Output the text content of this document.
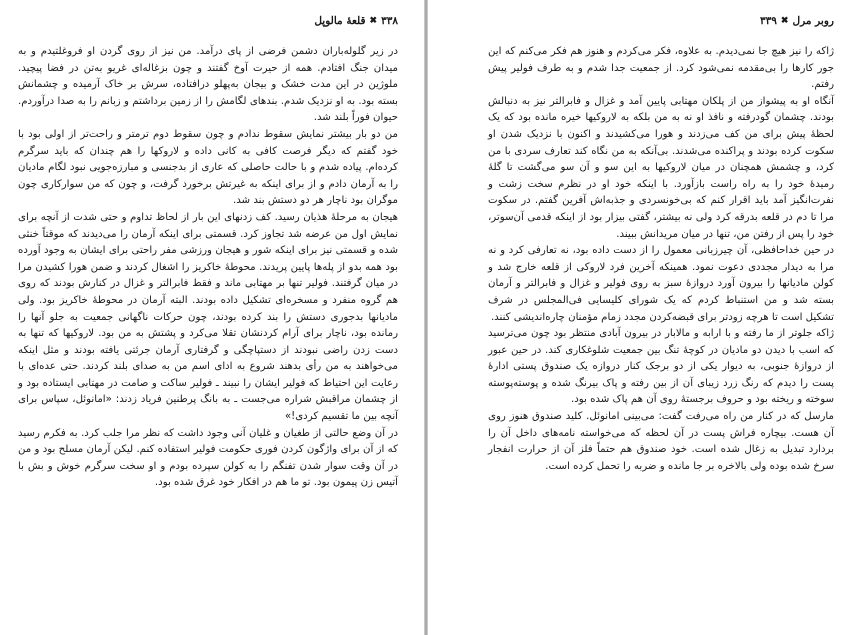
۳۳۸
✖
قلعهٔ مالوپل

در زیر گلوله‌باران دشمن فرضی از پای درآمد. من نیز از روی گردن او فروغلتیدم و به میدان جنگ افتادم. همه از حیرت آوخ گفتند و چون بزغاله‌ای غریو به‌تن در فضا پیچید. ملوژین در این مدت خشک و بیجان به‌پهلو درافتاده، سرش بر خاک آرمیده و چشمانش بسته بود. به او نزدیک شدم. بندهای لگامش را از زمین برداشتم و زبانم را به صدا درآوردم. حیوان فوراً بلند شد.

من دو بار بیشتر نمایش سقوط ندادم و چون سقوط دوم ترمتر و راحت‌تر از اولی بود با خود گفتم که دیگر فرصت کافی به کانی داده و لاروکها را هم چندان که باید سرگرم کرده‌ام. پیاده شدم و با حالت حاصلی که عاری از بدجنسی و مبارزه‌جویی نبود لگام مادیان را به آرمان دادم و از برای اینکه به غیرتش برخورد گرفت، و چون که من سوارکاری چون موگران بود ناچار هر دو دستش بند شد.

هیجان به مرحلهٔ هذیان رسید. کف زدنهای این بار از لحاظ تداوم و حتی شدت از آنچه برای نمایش اول من عرضه شد تجاوز کرد. قسمتی برای اینکه آرمان را می‌دیدند که موقتاً خنثی شده و قسمتی نیز برای اینکه شور و هیجان ورزشی مفر راحتی برای ایشان به وجود آورده بود همه بدو از پله‌ها پایین پریدند. محوطهٔ خاکریز را اشغال کردند و ضمن هورا کشیدن مرا در میان گرفتند. فولیر تنها بر مهتابی ماند و فقط فابرالتر و غزال در کنارش بودند که روی هم گروه منفرد و مسخره‌ای تشکیل داده بودند. البته آرمان در محوطهٔ خاکریز بود. ولی مادیانها بدجوری دستش را بند کرده بودند، چون حرکات ناگهانی جمعیت به جلو آنها را رمانده بود، ناچار برای آرام کردنشان تقلا می‌کرد و پشتش به من بود. لاروکیها که تنها به دست زدن راضی نبودند از دستپاچگی و گرفتاری آرمان جرئتی یافته بودند و مثل اینکه می‌خواهند به من رأی بدهند شروع به ادای اسم من به صدای بلند کردند. حتی عده‌ای با رعایت این احتیاط که فولیر ایشان را نبیند ـ فولیر ساکت و صامت در مهتابی ایستاده بود و از چشمان مراقبش شراره می‌جست ـ به بانگ پرطنین فریاد زدند: «امانوئل، سپاس برای آنچه بین ما تقسیم کردی!»

در آن وضع حالتی از طغیان و غلیان آنی وجود داشت که نظر مرا جلب کرد. به فکرم رسید که از آن برای واژگون کردن فوری حکومت فولیر استفاده کنم. لیکن آرمان مسلح بود و من در آن وقت سوار شدن تفنگم را به کولن سپرده بودم و او سخت سرگرم خوش و بش با آتیس زن پیمون بود. تو ما هم در افکار خود غرق شده بود.

روبر مرل
✖
۳۳۹

ژاکه را نیز هیچ جا نمی‌دیدم. به علاوه، فکر می‌کردم و هنوز هم فکر می‌کنم که این جور کارها را بی‌مقدمه نمی‌شود کرد. از جمعیت جدا شدم و به طرف فولیر پیش رفتم.

آنگاه او به پیشواز من از پلکان مهتابی پایین آمد و غزال و فابرالتر نیز به دنبالش بودند. چشمان گودرفته و نافذ او نه به من بلکه به لاروکیها خیره مانده بود که یک لحظهٔ پیش برای من کف می‌زدند و هورا می‌کشیدند و اکنون با نزدیک شدن او سکوت کرده بودند و پراکنده می‌شدند. بی‌آنکه به من نگاه کند تعارف سردی با من کرد، و چشمش همچنان در میان لاروکیها به این سو و آن سو می‌گشت تا گلهٔ رمیدهٔ خود را به راه راست بازآورد. با اینکه خود او در نظرم سخت زشت و نفرت‌انگیز آمد باید اقرار کنم که بی‌خونسردی و جذبه‌اش آفرین گفتم. در سکوت مرا تا دم در قلعه بدرقه کرد ولی نه بیشتر، گفتی بیزار بود از اینکه قدمی آن‌سوتر، خود را پس از رفتن من، تنها در میان مریدانش ببیند.

در حین خداحافظی، آن چیرزبانی معمول را از دست داده بود، نه تعارفی کرد و نه مرا به دیدار مجددی دعوت نمود. همینکه آخرین فرد لاروکی از قلعه خارج شد و کولن مادیانها را بیرون آورد دروازهٔ سبز به روی فولیر و غزال و فابرالتر و آرمان بسته شد و من استنباط کردم که یک شورای کلیسایی فی‌المجلس در شرف تشکیل است تا هرچه زودتر برای قبضه‌کردن مجدد زمام مؤمنان چاره‌اندیشی کنند.

ژاکه جلوتر از ما رفته و با ارابه و مالابار در بیرون آبادی منتظر بود چون می‌ترسید که اسب با دیدن دو مادیان در کوچهٔ تنگ بین جمعیت شلوغکاری کند. در حین عبور از دروازهٔ جنوبی، به دیوار یکی از دو برجک کنار دروازه یک صندوق پستی ادارهٔ پست را دیدم که رنگ زرد زیبای آن از بین رفته و پاک بیرنگ شده و پوسته‌پوسته سوخته و ریخته بود و حروف برجستهٔ روی آن هم پاک شده بود.

مارسل که در کنار من راه می‌رفت گفت: می‌بینی امانوئل. کلید صندوق هنوز روی آن هست. بیچاره فراش پست در آن لحظه که می‌خواسته نامه‌های داخل آن را بردارد تبدیل به زغال شده است. خود صندوق هم حتماً فلز آن از حرارت انفجار سرخ شده بوده ولی بالاخره بر جا مانده و ضربه را تحمل کرده است.
